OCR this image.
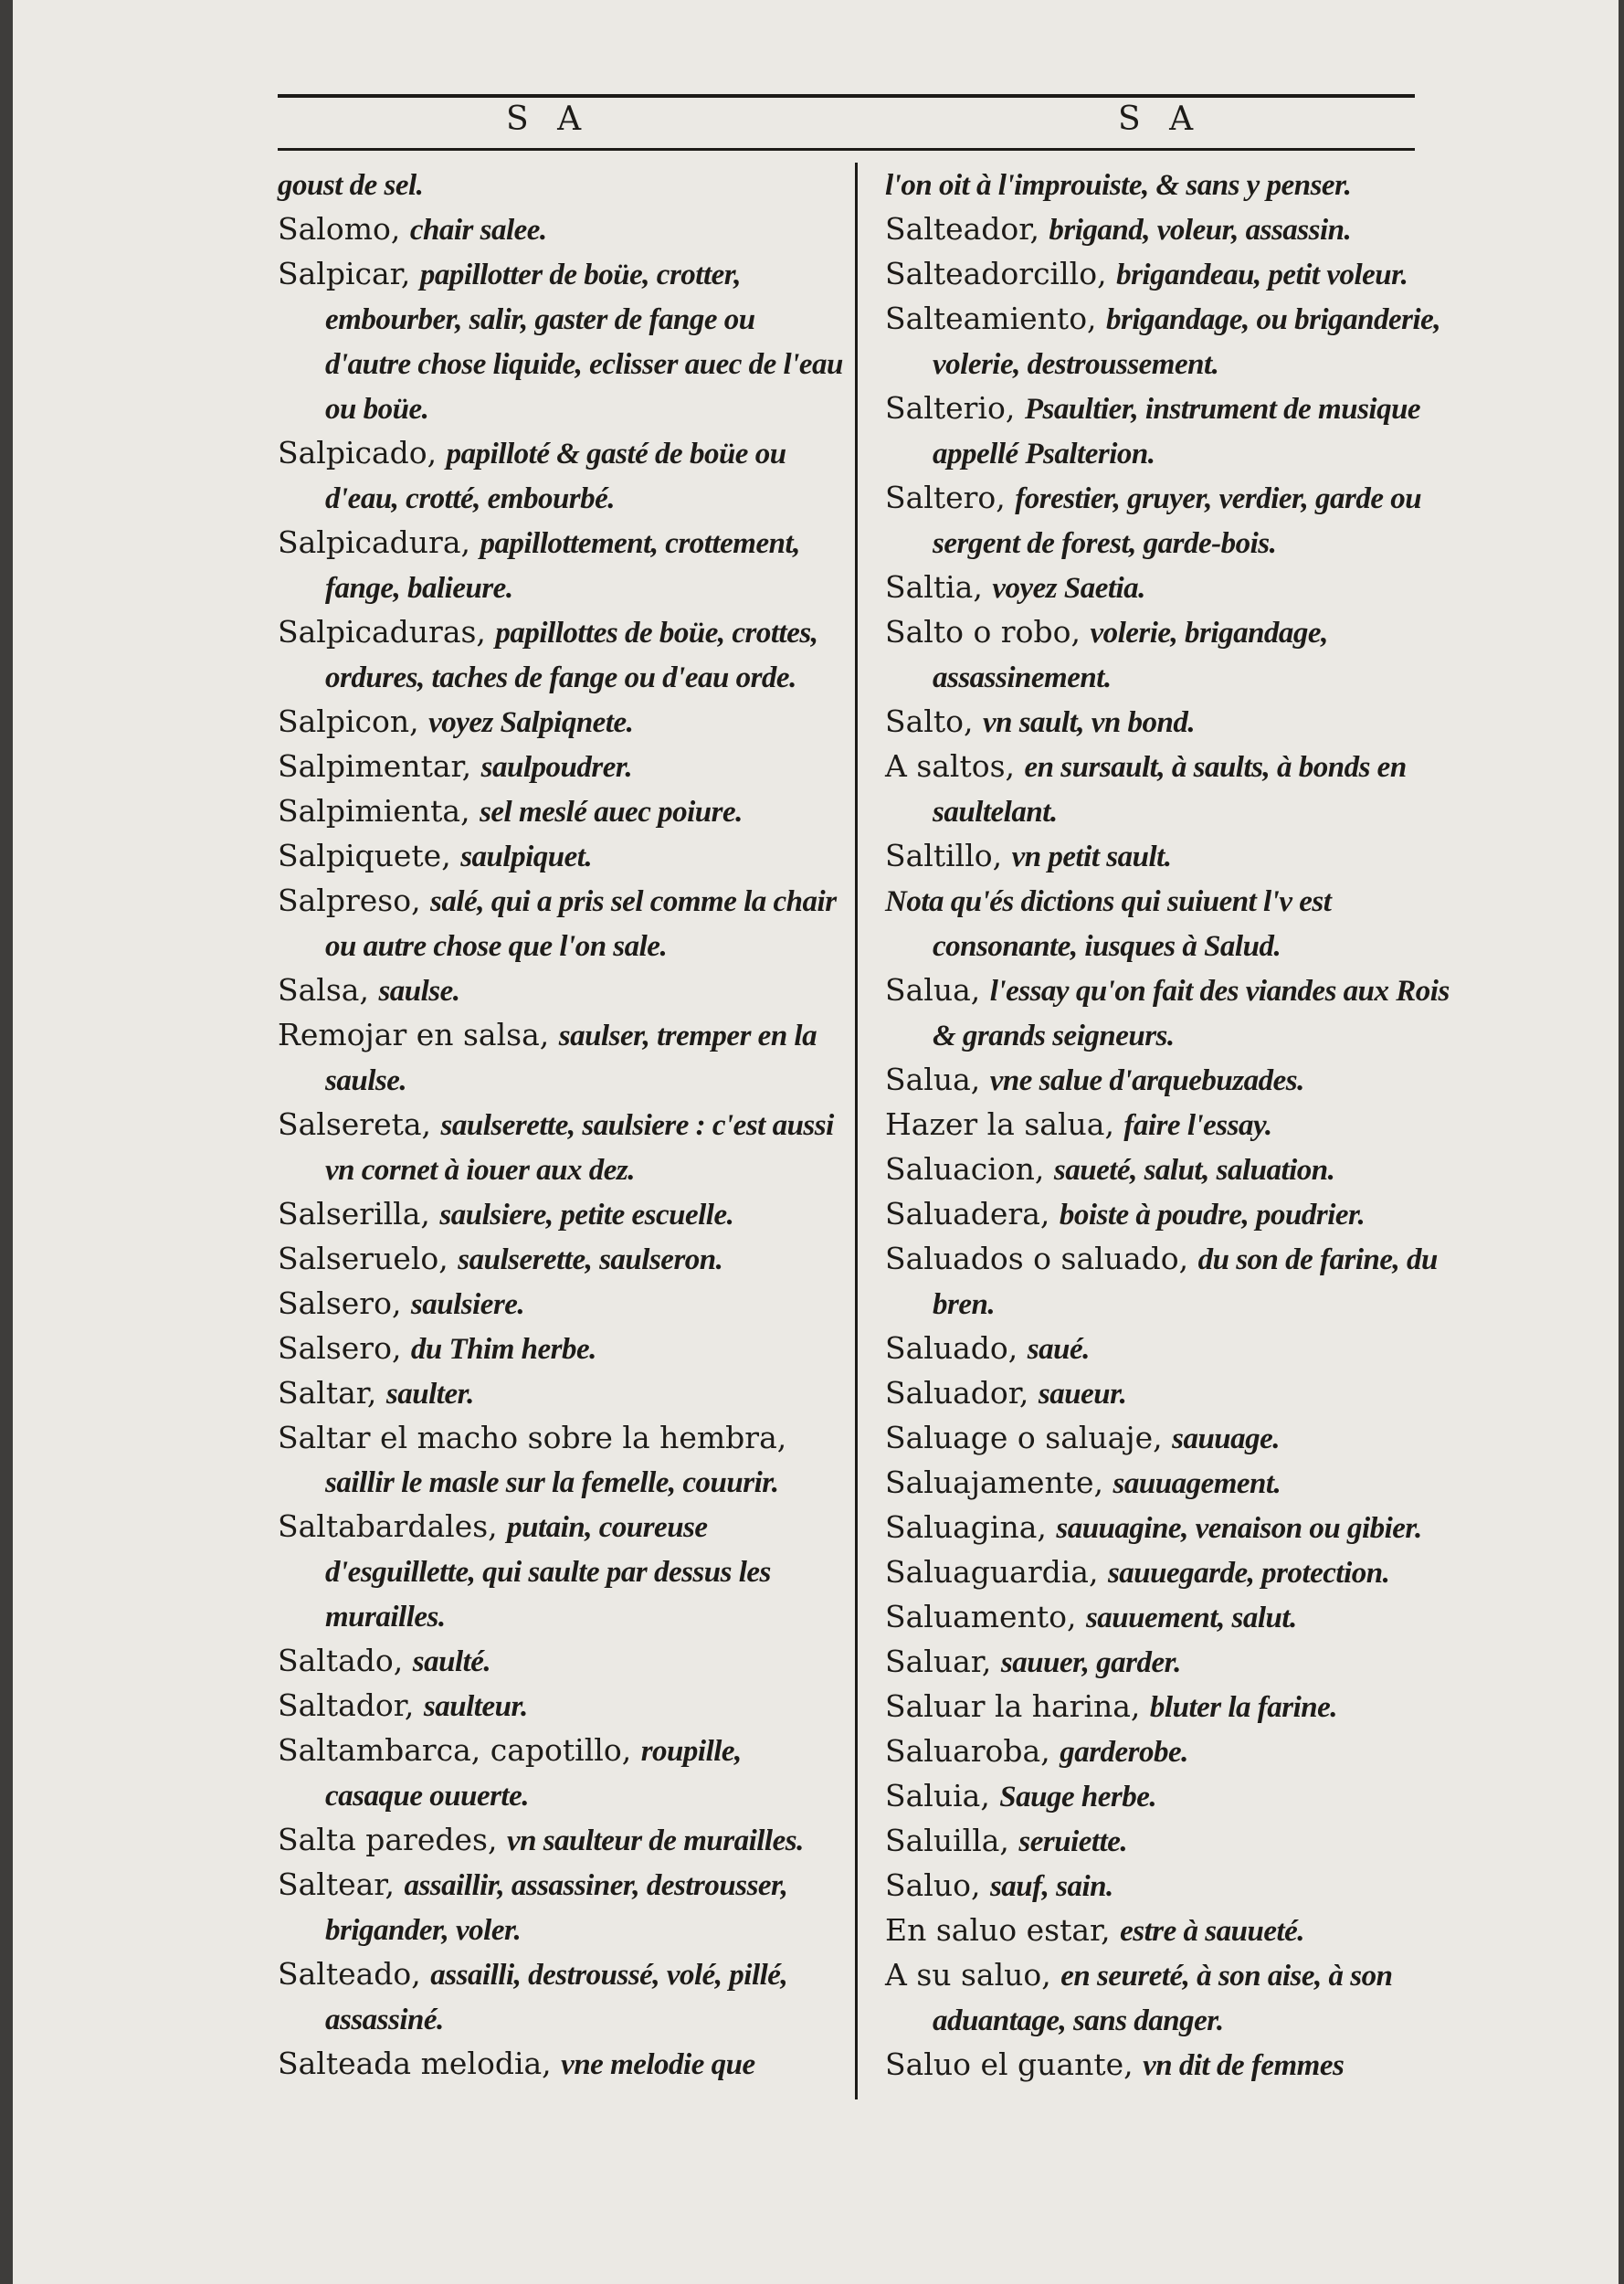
S A	S A
goust de sel.
Salomo, chair salee.
Salpicar, papillotter de boüe, crotter, embourber, salir, gaster de fange ou d'autre chose liquide, eclisser auec de l'eau ou boüe.
Salpicado, papilloté & gasté de boüe ou d'eau, crotté, embourbé.
Salpicadura, papillottement, crottement, fange, balieure.
Salpicaduras, papillottes de boüe, crottes, ordures, taches de fange ou d'eau orde.
Salpicon, voyez Salpiqnete.
Salpimentar, saulpoudrer.
Salpimienta, sel meslé auec poiure.
Salpiquete, saulpiquet.
Salpreso, salé, qui a pris sel comme la chair ou autre chose que l'on sale.
Salsa, saulse.
Remojar en salsa, saulser, tremper en la saulse.
Salsereta, saulserette, saulsiere : c'est aussi vn cornet à iouer aux dez.
Salserilla, saulsiere, petite escuelle.
Salseruelo, saulserette, saulseron.
Salsero, saulsiere.
Salsero, du Thim herbe.
Saltar, saulter.
Saltar el macho sobre la hembra, saillir le masle sur la femelle, couurir.
Saltabardales, putain, coureuse d'esguillette, qui saulte par dessus les murailles.
Saltado, saulté.
Saltador, saulteur.
Saltambarca, capotillo, roupille, casaque ouuerte.
Salta paredes, vn saulteur de murailles.
Saltear, assaillir, assassiner, destrousser, brigander, voler.
Salteado, assailli, destroussé, volé, pillé, assassiné.
Salteada melodia, vne melodie que
l'on oit à l'improuiste, & sans y penser.
Salteador, brigand, voleur, assassin.
Salteadorcillo, brigandeau, petit voleur.
Salteamiento, brigandage, ou briganderie, volerie, destroussement.
Salterio, Psaultier, instrument de musique appellé Psalterion.
Saltero, forestier, gruyer, verdier, garde ou sergent de forest, garde-bois.
Saltia, voyez Saetia.
Salto o robo, volerie, brigandage, assassinement.
Salto, vn sault, vn bond.
A saltos, en sursault, à saults, à bonds en saultelant.
Saltillo, vn petit sault.
Nota qu'és dictions qui suiuent l'v est consonante, iusques à Salud.
Salua, l'essay qu'on fait des viandes aux Rois & grands seigneurs.
Salua, vne salue d'arquebuzades.
Hazer la salua, faire l'essay.
Saluacion, saueté, salut, saluation.
Saluadera, boiste à poudre, poudrier.
Saluados o saluado, du son de farine, du bren.
Saluado, saué.
Saluador, saueur.
Saluage o saluaje, sauuage.
Saluajamente, sauuagement.
Saluagina, sauuagine, venaison ou gibier.
Saluaguardia, sauuegarde, protection.
Saluamento, sauuement, salut.
Saluar, sauuer, garder.
Saluar la harina, bluter la farine.
Saluaroba, garderobe.
Saluia, Sauge herbe.
Saluilla, seruiette.
Saluo, sauf, sain.
En saluo estar, estre à sauueté.
A su saluo, en seureté, à son aise, à son aduantage, sans danger.
Saluo el guante, vn dit de femmes
